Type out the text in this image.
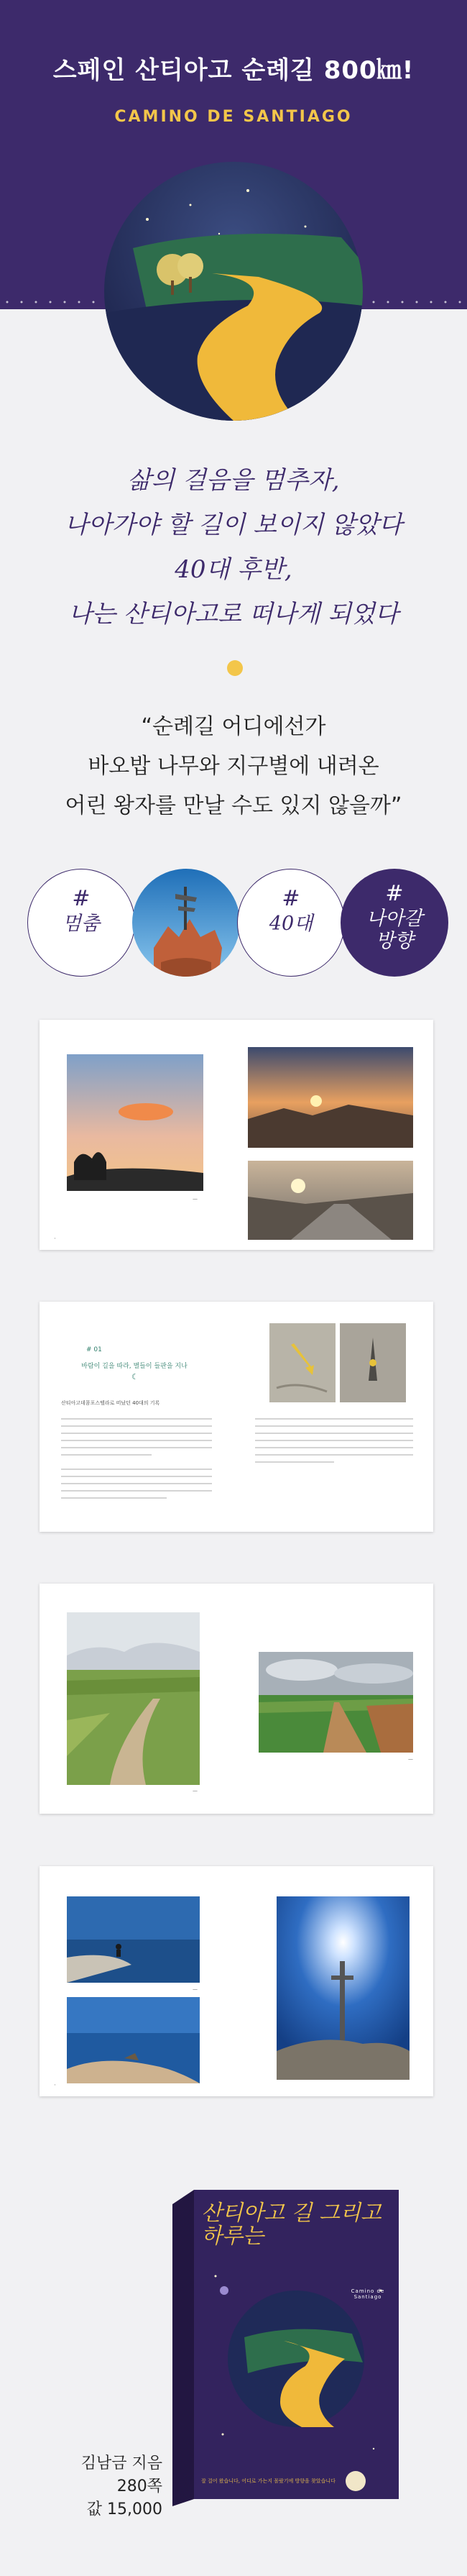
스페인 산티아고 순례길 800㎞!
CAMINO DE SANTIAGO
삶의 걸음을 멈추자,
나아가야 할 길이 보이지 않았다
40대 후반,
나는 산티아고로 떠나게 되었다
“순례길 어디에선가
바오밥 나무와 지구별에 내려온
어린 왕자를 만날 수도 있지 않을까”
#
멈춤
#
40대
#
나아갈 방향
—
·
# 01
바람이 길을 따라, 별들이 들판을 지나
☾
산티아고데콤포스텔라로 떠났던 40대의 기록
—
—
—
·
산티아고 길 그리고 하루는
Camino de Santiago
잘 걸어 왔습니다, 어디로 가는지 몰랐기에 방향을 찾았습니다
김남금 지음
280쪽
값 15,000
